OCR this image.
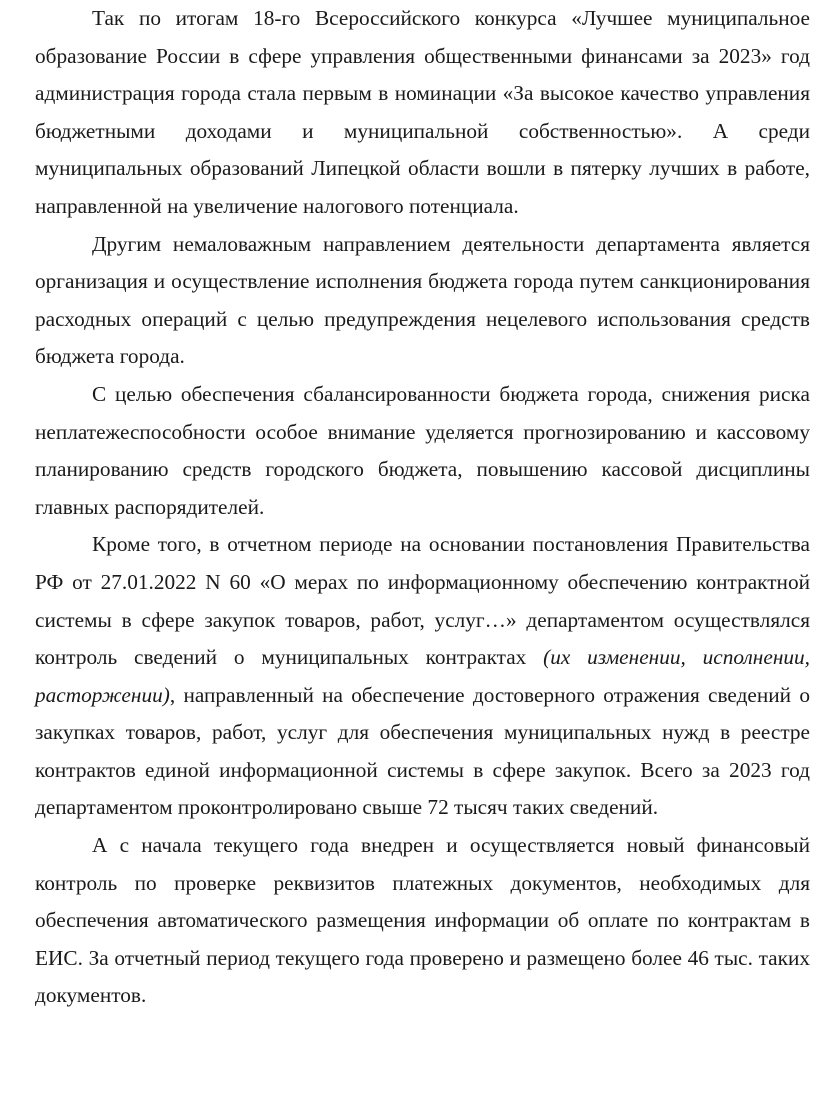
Так по итогам 18-го Всероссийского конкурса «Лучшее муниципальное образование России в сфере управления общественными финансами за 2023» год администрация города стала первым в номинации «За высокое качество управления бюджетными доходами и муниципальной собственностью». А среди муниципальных образований Липецкой области вошли в пятерку лучших в работе, направленной на увеличение налогового потенциала.

Другим немаловажным направлением деятельности департамента является организация и осуществление исполнения бюджета города путем санкционирования расходных операций с целью предупреждения нецелевого использования средств бюджета города.

С целью обеспечения сбалансированности бюджета города, снижения риска неплатежеспособности особое внимание уделяется прогнозированию и кассовому планированию средств городского бюджета, повышению кассовой дисциплины главных распорядителей.

Кроме того, в отчетном периоде на основании постановления Правительства РФ от 27.01.2022 N 60 «О мерах по информационному обеспечению контрактной системы в сфере закупок товаров, работ, услуг…» департаментом осуществлялся контроль сведений о муниципальных контрактах (их изменении, исполнении, расторжении), направленный на обеспечение достоверного отражения сведений о закупках товаров, работ, услуг для обеспечения муниципальных нужд в реестре контрактов единой информационной системы в сфере закупок. Всего за 2023 год департаментом проконтролировано свыше 72 тысяч таких сведений.

А с начала текущего года внедрен и осуществляется новый финансовый контроль по проверке реквизитов платежных документов, необходимых для обеспечения автоматического размещения информации об оплате по контрактам в ЕИС. За отчетный период текущего года проверено и размещено более 46 тыс. таких документов.
